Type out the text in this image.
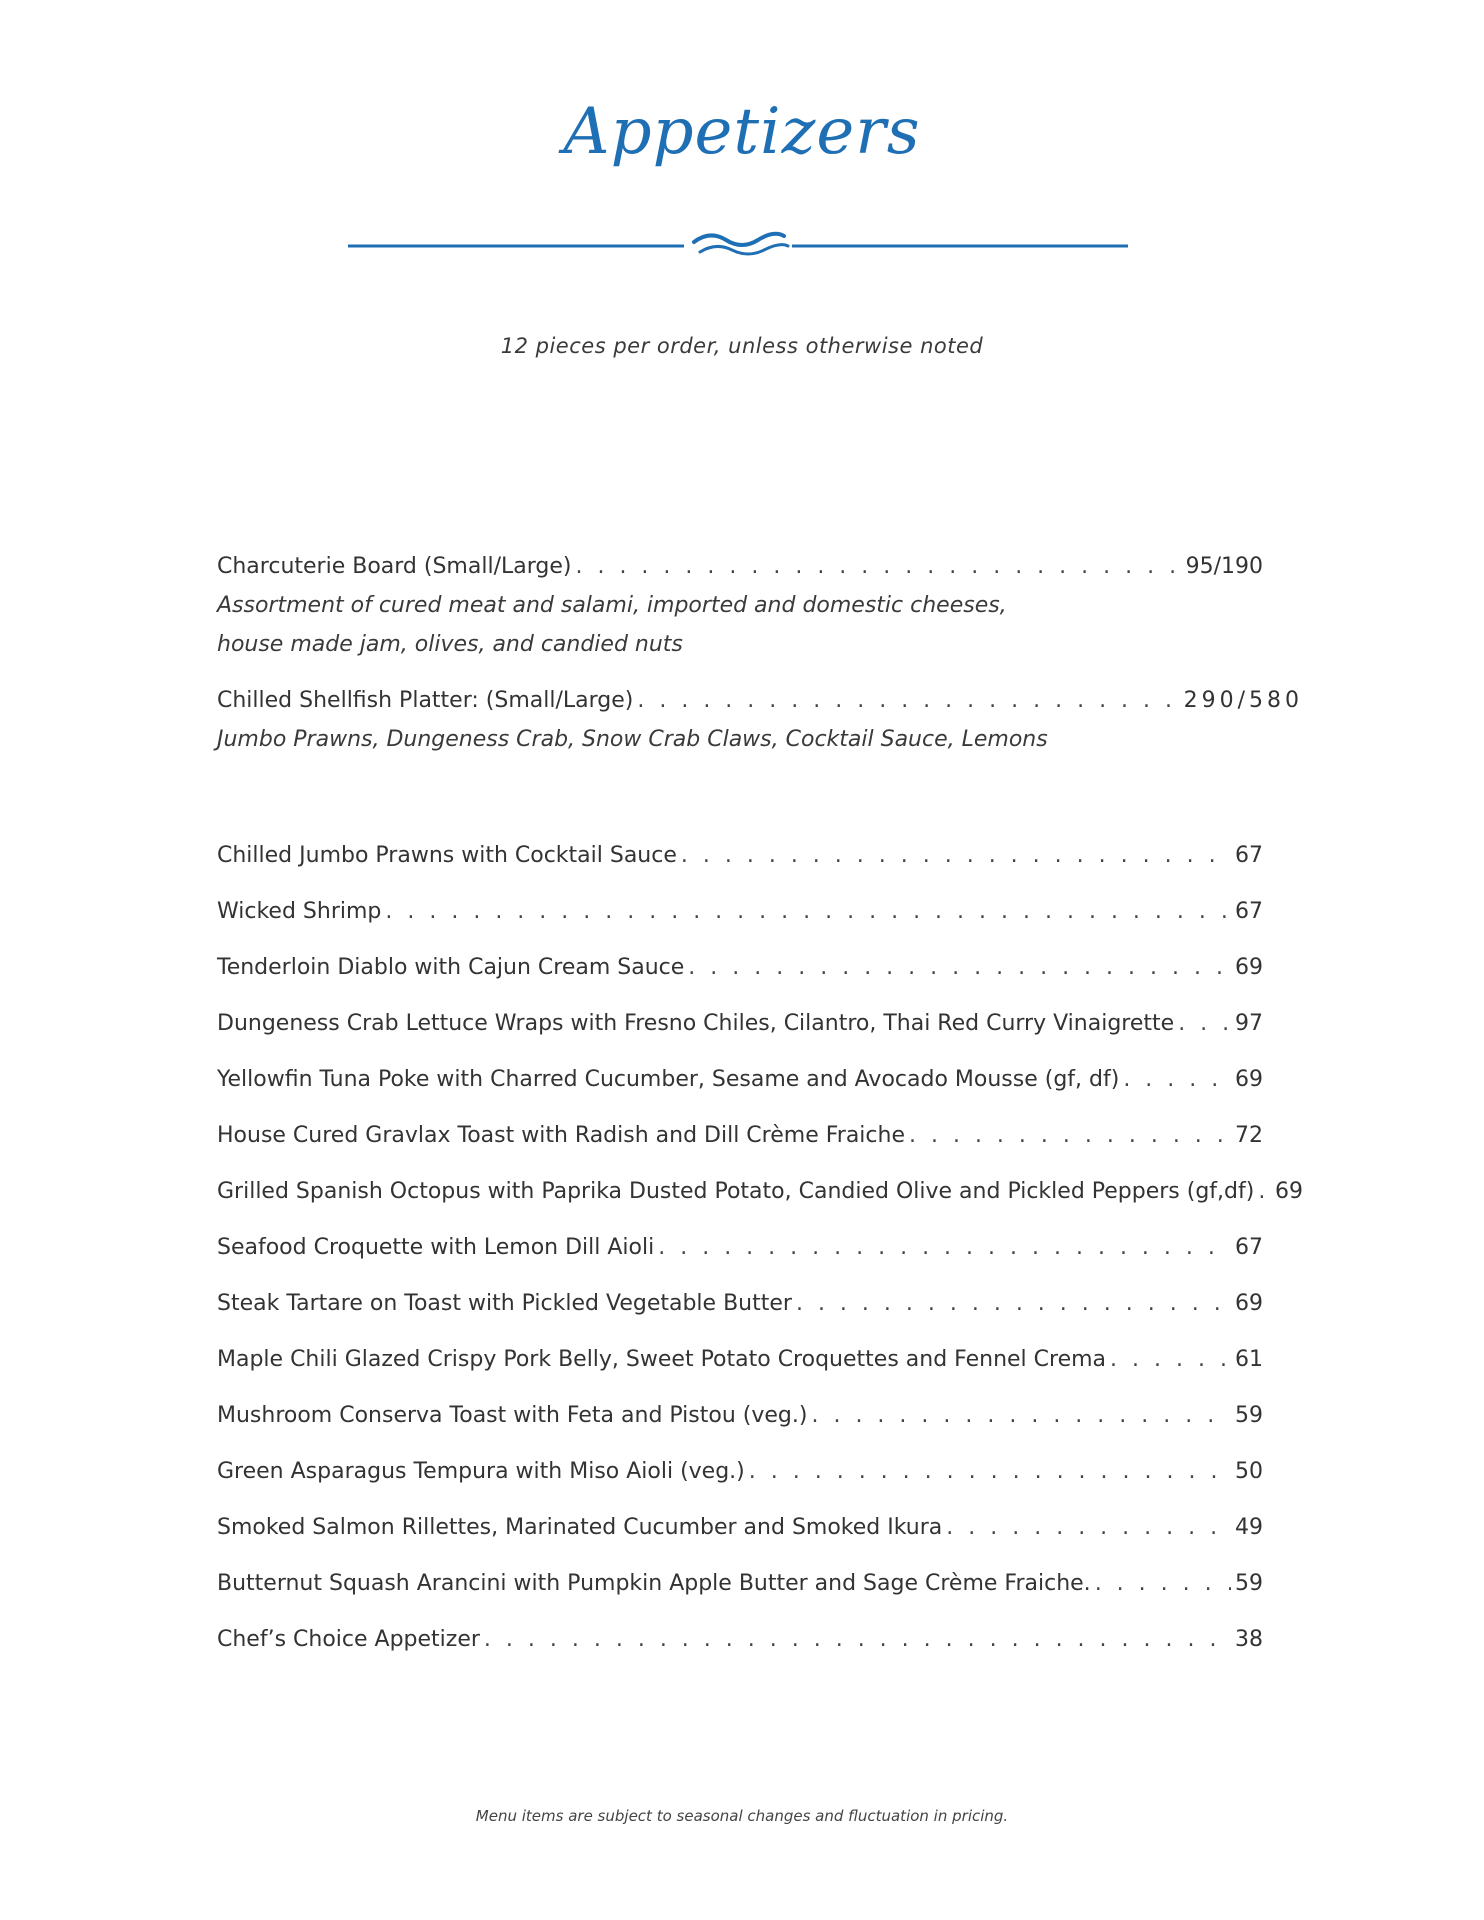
Appetizers
12 pieces per order, unless otherwise noted
Charcuterie Board (Small/Large) . . .	95/190
Assortment of cured meat and salami, imported and domestic cheeses,
house made jam, olives, and candied nuts
Chilled Shellfish Platter: (Small/Large) . . .	290/580
Jumbo Prawns, Dungeness Crab, Snow Crab Claws, Cocktail Sauce, Lemons
Chilled Jumbo Prawns with Cocktail Sauce . . .	67
Wicked Shrimp . . .	67
Tenderloin Diablo with Cajun Cream Sauce . . .	69
Dungeness Crab Lettuce Wraps with Fresno Chiles, Cilantro, Thai Red Curry Vinaigrette . . .	97
Yellowfin Tuna Poke with Charred Cucumber, Sesame and Avocado Mousse (gf, df) . . .	69
House Cured Gravlax Toast with Radish and Dill Crème Fraiche . . .	72
Grilled Spanish Octopus with Paprika Dusted Potato, Candied Olive and Pickled Peppers (gf,df) . . . 69
Seafood Croquette with Lemon Dill Aioli . . .	67
Steak Tartare on Toast with Pickled Vegetable Butter . . .	69
Maple Chili Glazed Crispy Pork Belly, Sweet Potato Croquettes and Fennel Crema . . .	61
Mushroom Conserva Toast with Feta and Pistou (veg.) . . .	59
Green Asparagus Tempura with Miso Aioli (veg.) . . .	50
Smoked Salmon Rillettes, Marinated Cucumber and Smoked Ikura . . .	49
Butternut Squash Arancini with Pumpkin Apple Butter and Sage Crème Fraiche. . . .	59
Chef’s Choice Appetizer . . .	38
Menu items are subject to seasonal changes and fluctuation in pricing.
